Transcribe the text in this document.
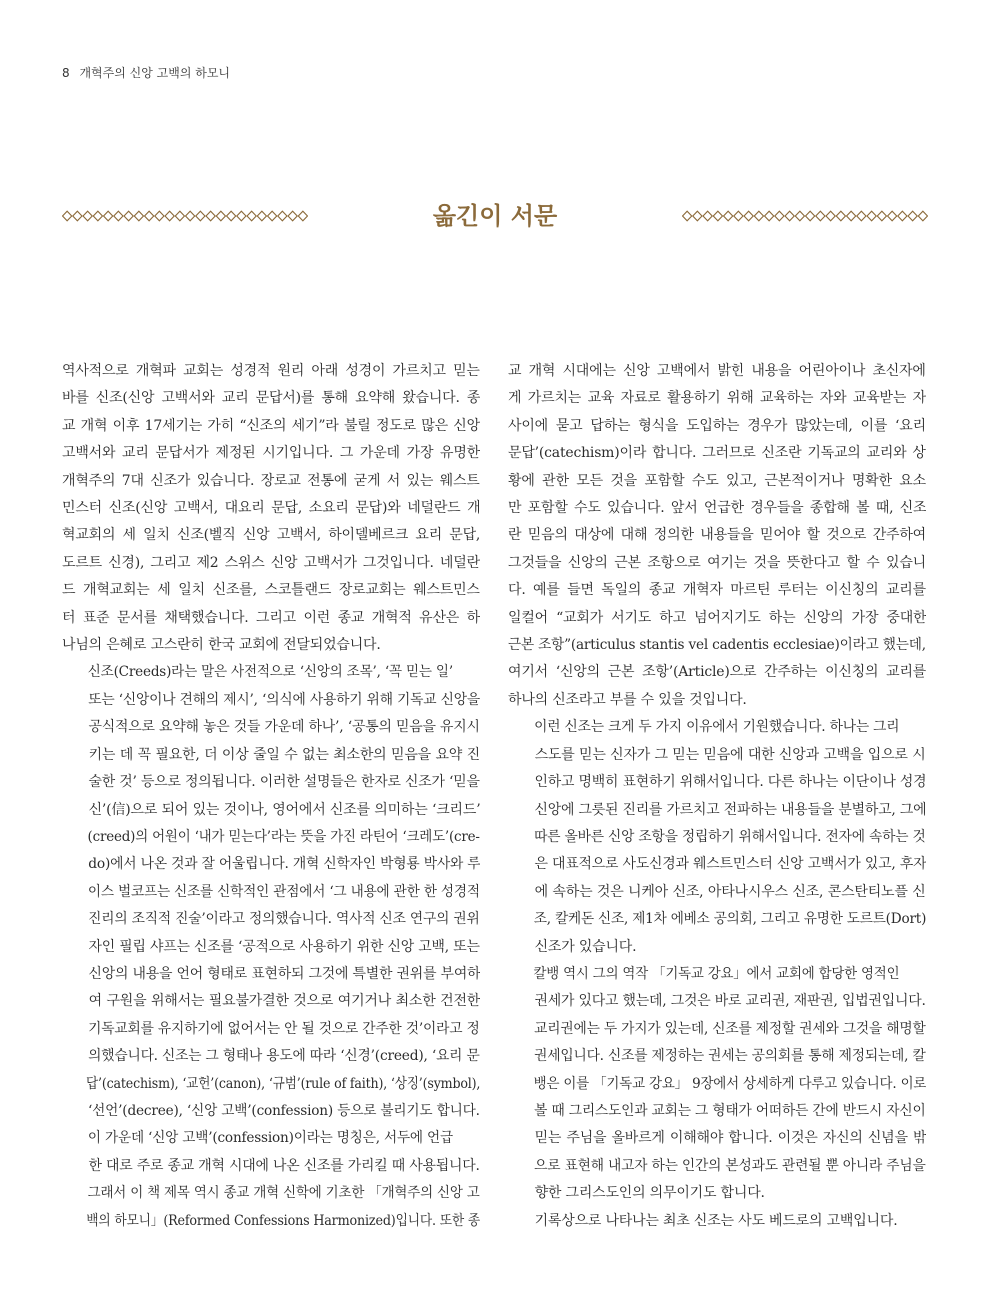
8 개혁주의 신앙 고백의 하모니
옮긴이 서문

역사적으로 개혁파 교회는 성경적 원리 아래 성경이 가르치고 믿는
바를 신조(신앙 고백서와 교리 문답서)를 통해 요약해 왔습니다. 종
교 개혁 이후 17세기는 가히 “신조의 세기”라 불릴 정도로 많은 신앙
고백서와 교리 문답서가 제정된 시기입니다. 그 가운데 가장 유명한
개혁주의 7대 신조가 있습니다. 장로교 전통에 굳게 서 있는 웨스트
민스터 신조(신앙 고백서, 대요리 문답, 소요리 문답)와 네덜란드 개
혁교회의 세 일치 신조(벨직 신앙 고백서, 하이델베르크 요리 문답,
도르트 신경), 그리고 제2 스위스 신앙 고백서가 그것입니다. 네덜란
드 개혁교회는 세 일치 신조를, 스코틀랜드 장로교회는 웨스트민스
터 표준 문서를 채택했습니다. 그리고 이런 종교 개혁적 유산은 하
나님의 은혜로 고스란히 한국 교회에 전달되었습니다.

신조(Creeds)라는 말은 사전적으로 ‘신앙의 조목’, ‘꼭 믿는 일’
또는 ‘신앙이나 견해의 제시’, ‘의식에 사용하기 위해 기독교 신앙을
공식적으로 요약해 놓은 것들 가운데 하나’, ‘공통의 믿음을 유지시
키는 데 꼭 필요한, 더 이상 줄일 수 없는 최소한의 믿음을 요약 진
술한 것’ 등으로 정의됩니다. 이러한 설명들은 한자로 신조가 ‘믿을
신’(信)으로 되어 있는 것이나, 영어에서 신조를 의미하는 ‘크리드’
(creed)의 어원이 ‘내가 믿는다’라는 뜻을 가진 라틴어 ‘크레도’(cre-
do)에서 나온 것과 잘 어울립니다. 개혁 신학자인 박형룡 박사와 루
이스 벌코프는 신조를 신학적인 관점에서 ‘그 내용에 관한 한 성경적
진리의 조직적 진술’이라고 정의했습니다. 역사적 신조 연구의 권위
자인 필립 샤프는 신조를 ‘공적으로 사용하기 위한 신앙 고백, 또는
신앙의 내용을 언어 형태로 표현하되 그것에 특별한 권위를 부여하
여 구원을 위해서는 필요불가결한 것으로 여기거나 최소한 건전한
기독교회를 유지하기에 없어서는 안 될 것으로 간주한 것’이라고 정
의했습니다. 신조는 그 형태나 용도에 따라 ‘신경’(creed), ‘요리 문
답’(catechism), ‘교헌’(canon), ‘규범’(rule of faith), ‘상징’(symbol),
‘선언’(decree), ‘신앙 고백’(confession) 등으로 불리기도 합니다.

이 가운데 ‘신앙 고백’(confession)이라는 명칭은, 서두에 언급
한 대로 주로 종교 개혁 시대에 나온 신조를 가리킬 때 사용됩니다.
그래서 이 책 제목 역시 종교 개혁 신학에 기초한 「개혁주의 신앙 고
백의 하모니」(Reformed Confessions Harmonized)입니다. 또한 종

교 개혁 시대에는 신앙 고백에서 밝힌 내용을 어린아이나 초신자에
게 가르치는 교육 자료로 활용하기 위해 교육하는 자와 교육받는 자
사이에 묻고 답하는 형식을 도입하는 경우가 많았는데, 이를 ‘요리
문답’(catechism)이라 합니다. 그러므로 신조란 기독교의 교리와 상
황에 관한 모든 것을 포함할 수도 있고, 근본적이거나 명확한 요소
만 포함할 수도 있습니다. 앞서 언급한 경우들을 종합해 볼 때, 신조
란 믿음의 대상에 대해 정의한 내용들을 믿어야 할 것으로 간주하여
그것들을 신앙의 근본 조항으로 여기는 것을 뜻한다고 할 수 있습니
다. 예를 들면 독일의 종교 개혁자 마르틴 루터는 이신칭의 교리를
일컬어 “교회가 서기도 하고 넘어지기도 하는 신앙의 가장 중대한
근본 조항”(articulus stantis vel cadentis ecclesiae)이라고 했는데,
여기서 ‘신앙의 근본 조항’(Article)으로 간주하는 이신칭의 교리를
하나의 신조라고 부를 수 있을 것입니다.

이런 신조는 크게 두 가지 이유에서 기원했습니다. 하나는 그리
스도를 믿는 신자가 그 믿는 믿음에 대한 신앙과 고백을 입으로 시
인하고 명백히 표현하기 위해서입니다. 다른 하나는 이단이나 성경
신앙에 그릇된 진리를 가르치고 전파하는 내용들을 분별하고, 그에
따른 올바른 신앙 조항을 정립하기 위해서입니다. 전자에 속하는 것
은 대표적으로 사도신경과 웨스트민스터 신앙 고백서가 있고, 후자
에 속하는 것은 니케아 신조, 아타나시우스 신조, 콘스탄티노플 신
조, 칼케돈 신조, 제1차 에베소 공의회, 그리고 유명한 도르트(Dort)
신조가 있습니다.

칼뱅 역시 그의 역작 「기독교 강요」에서 교회에 합당한 영적인
권세가 있다고 했는데, 그것은 바로 교리권, 재판권, 입법권입니다.
교리권에는 두 가지가 있는데, 신조를 제정할 권세와 그것을 해명할
권세입니다. 신조를 제정하는 권세는 공의회를 통해 제정되는데, 칼
뱅은 이를 「기독교 강요」 9장에서 상세하게 다루고 있습니다. 이로
볼 때 그리스도인과 교회는 그 형태가 어떠하든 간에 반드시 자신이
믿는 주님을 올바르게 이해해야 합니다. 이것은 자신의 신념을 밖
으로 표현해 내고자 하는 인간의 본성과도 관련될 뿐 아니라 주님을
향한 그리스도인의 의무이기도 합니다.

기록상으로 나타나는 최초 신조는 사도 베드로의 고백입니다.
